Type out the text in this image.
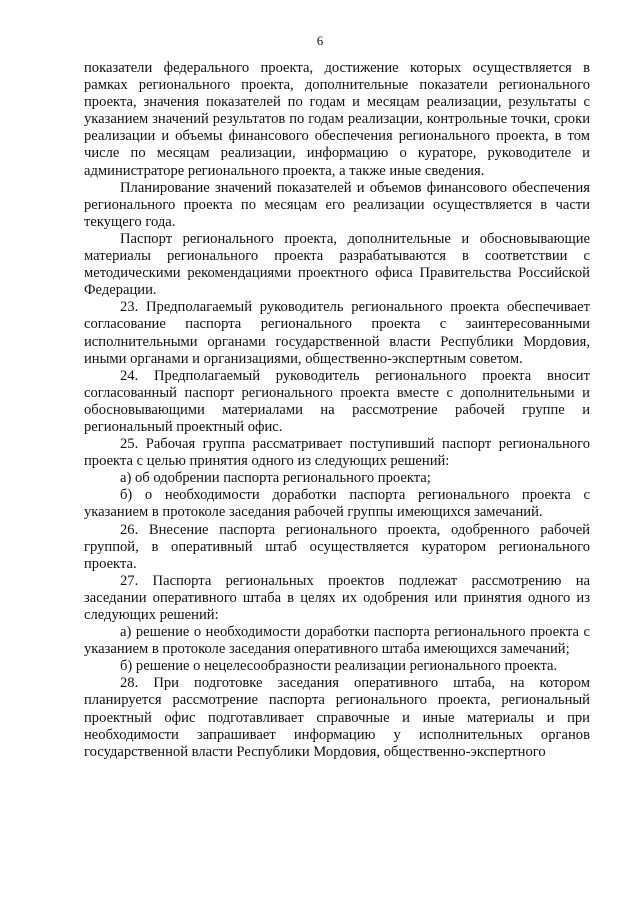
6

показатели федерального проекта, достижение которых осуществляется в рамках регионального проекта, дополнительные показатели регионального проекта, значения показателей по годам и месяцам реализации, результаты с указанием значений результатов по годам реализации, контрольные точки, сроки реализации и объемы финансового обеспечения регионального проекта, в том числе по месяцам реализации, информацию о кураторе, руководителе и администраторе регионального проекта, а также иные сведения.

Планирование значений показателей и объемов финансового обеспечения регионального проекта по месяцам его реализации осуществляется в части текущего года.

Паспорт регионального проекта, дополнительные и обосновывающие материалы регионального проекта разрабатываются в соответствии с методическими рекомендациями проектного офиса Правительства Российской Федерации.

23. Предполагаемый руководитель регионального проекта обеспечивает согласование паспорта регионального проекта с заинтересованными исполнительными органами государственной власти Республики Мордовия, иными органами и организациями, общественно-экспертным советом.

24. Предполагаемый руководитель регионального проекта вносит согласованный паспорт регионального проекта вместе с дополнительными и обосновывающими материалами на рассмотрение рабочей группе и региональный проектный офис.

25. Рабочая группа рассматривает поступивший паспорт регионального проекта с целью принятия одного из следующих решений:

а) об одобрении паспорта регионального проекта;

б) о необходимости доработки паспорта регионального проекта с указанием в протоколе заседания рабочей группы имеющихся замечаний.

26. Внесение паспорта регионального проекта, одобренного рабочей группой, в оперативный штаб осуществляется куратором регионального проекта.

27. Паспорта региональных проектов подлежат рассмотрению на заседании оперативного штаба в целях их одобрения или принятия одного из следующих решений:

а) решение о необходимости доработки паспорта регионального проекта с указанием в протоколе заседания оперативного штаба имеющихся замечаний;

б) решение о нецелесообразности реализации регионального проекта.

28. При подготовке заседания оперативного штаба, на котором планируется рассмотрение паспорта регионального проекта, региональный проектный офис подготавливает справочные и иные материалы и при необходимости запрашивает информацию у исполнительных органов государственной власти Республики Мордовия, общественно-экспертного
